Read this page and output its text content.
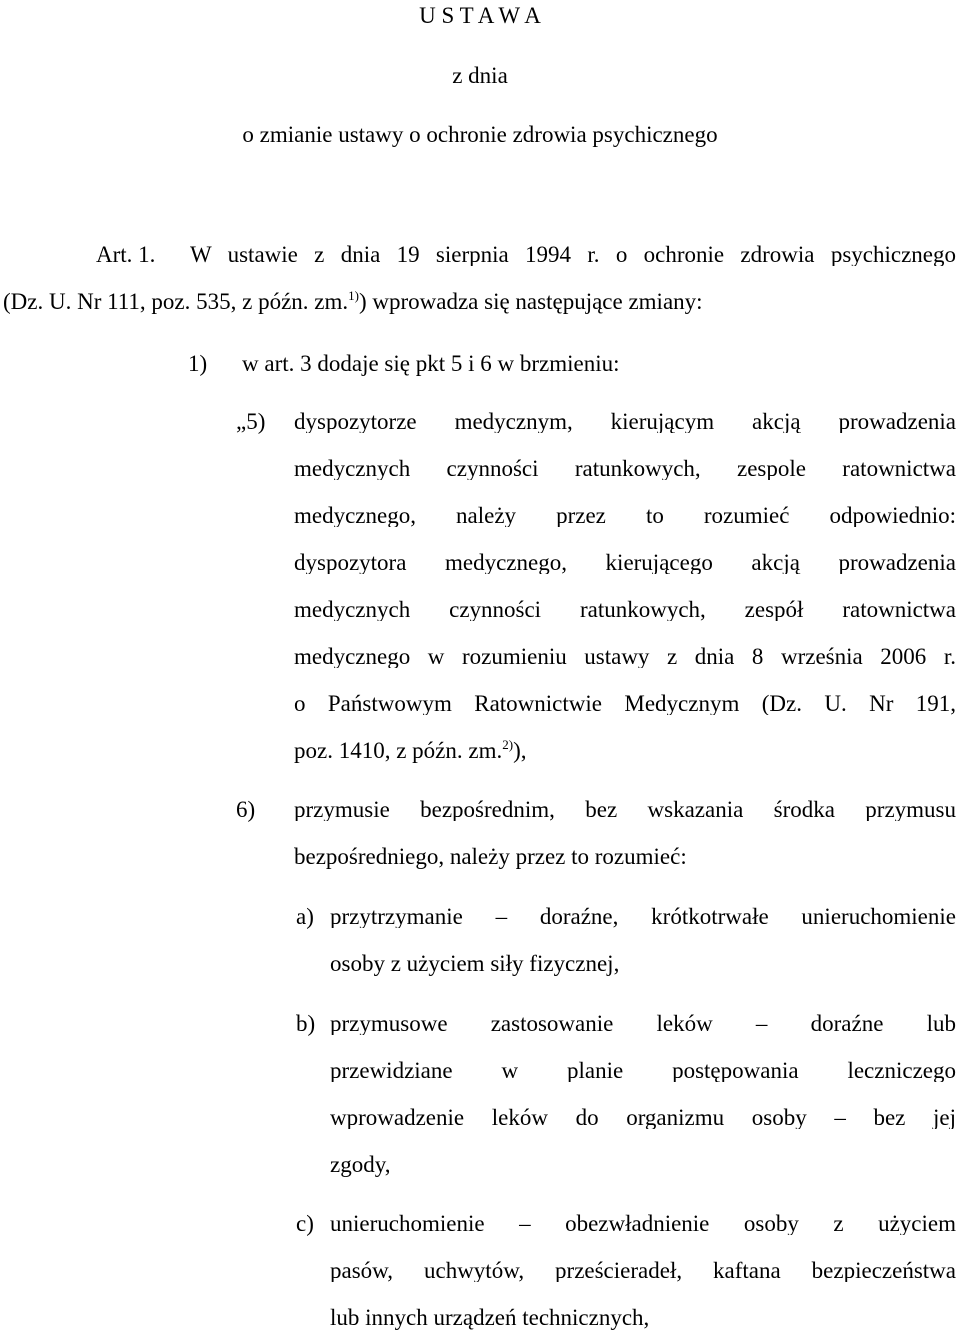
U S T A W A
z dnia
o zmianie ustawy o ochronie zdrowia psychicznego
Art. 1. W ustawie z dnia 19 sierpnia 1994 r. o ochronie zdrowia psychicznego
(Dz. U. Nr 111, poz. 535, z późn. zm.$^{1)}$) wprowadza się następujące zmiany:
1) w art. 3 dodaje się pkt 5 i 6 w brzmieniu:
„5) dyspozytorze medycznym, kierującym akcją prowadzenia
medycznych czynności ratunkowych, zespole ratownictwa
medycznego, należy przez to rozumieć odpowiednio:
dyspozytora medycznego, kierującego akcją prowadzenia
medycznych czynności ratunkowych, zespół ratownictwa
medycznego w rozumieniu ustawy z dnia 8 września 2006 r.
o Państwowym Ratownictwie Medycznym (Dz. U. Nr 191,
poz. 1410, z późn. zm.$^{2)}$),
6) przymusie bezpośrednim, bez wskazania środka przymusu
bezpośredniego, należy przez to rozumieć:
a) przytrzymanie – doraźne, krótkotrwałe unieruchomienie
osoby z użyciem siły fizycznej,
b) przymusowe zastosowanie leków – doraźne lub
przewidziane w planie postępowania leczniczego
wprowadzenie leków do organizmu osoby – bez jej
zgody,
c) unieruchomienie – obezwładnienie osoby z użyciem
pasów, uchwytów, prześcieradeł, kaftana bezpieczeństwa
lub innych urządzeń technicznych,
